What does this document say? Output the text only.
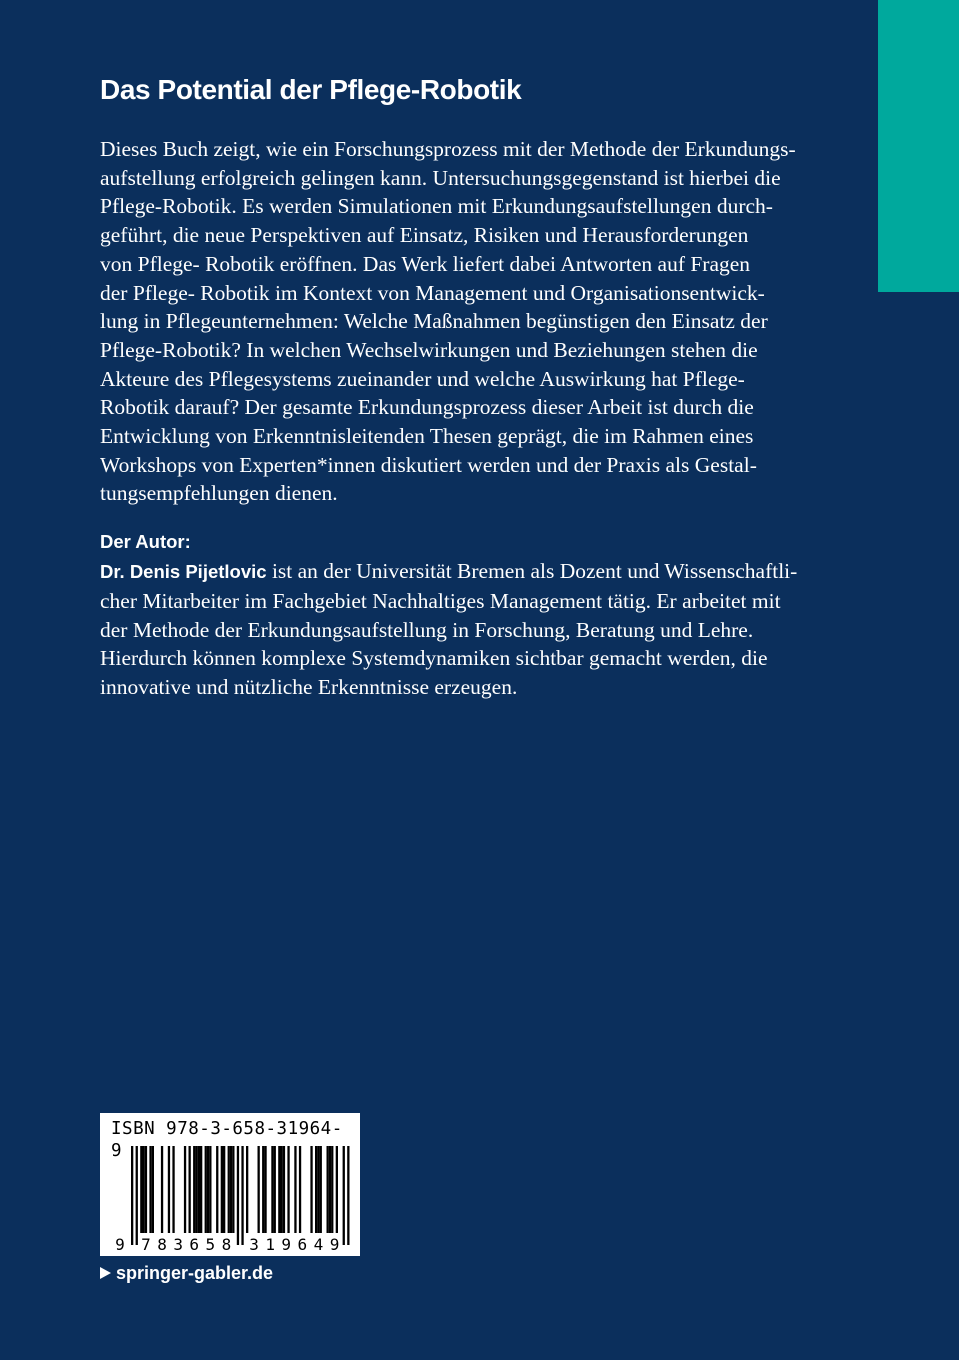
Das Potential der Pflege-Robotik
Dieses Buch zeigt, wie ein Forschungsprozess mit der Methode der Erkundungs-
aufstellung erfolgreich gelingen kann. Untersuchungsgegenstand ist hierbei die
Pflege-Robotik. Es werden Simulationen mit Erkundungsaufstellungen durch-
geführt, die neue Perspektiven auf Einsatz, Risiken und Herausforderungen
von Pflege- Robotik eröffnen. Das Werk liefert dabei Antworten auf Fragen
der Pflege- Robotik im Kontext von Management und Organisationsentwick-
lung in Pflegeunternehmen: Welche Maßnahmen begünstigen den Einsatz der
Pflege-Robotik? In welchen Wechselwirkungen und Beziehungen stehen die
Akteure des Pflegesystems zueinander und welche Auswirkung hat Pflege-
Robotik darauf? Der gesamte Erkundungsprozess dieser Arbeit ist durch die
Entwicklung von Erkenntnisleitenden Thesen geprägt, die im Rahmen eines
Workshops von Experten*innen diskutiert werden und der Praxis als Gestal-
tungsempfehlungen dienen.

Der Autor:

Dr. Denis Pijetlovic ist an der Universität Bremen als Dozent und Wissenschaftli-
cher Mitarbeiter im Fachgebiet Nachhaltiges Management tätig. Er arbeitet mit
der Methode der Erkundungsaufstellung in Forschung, Beratung und Lehre.
Hierdurch können komplexe Systemdynamiken sichtbar gemacht werden, die
innovative und nützliche Erkenntnisse erzeugen.
ISBN 978-3-658-31964-9
9 7 8 3 6 5 8 3 1 9 6 4 9
springer-gabler.de
